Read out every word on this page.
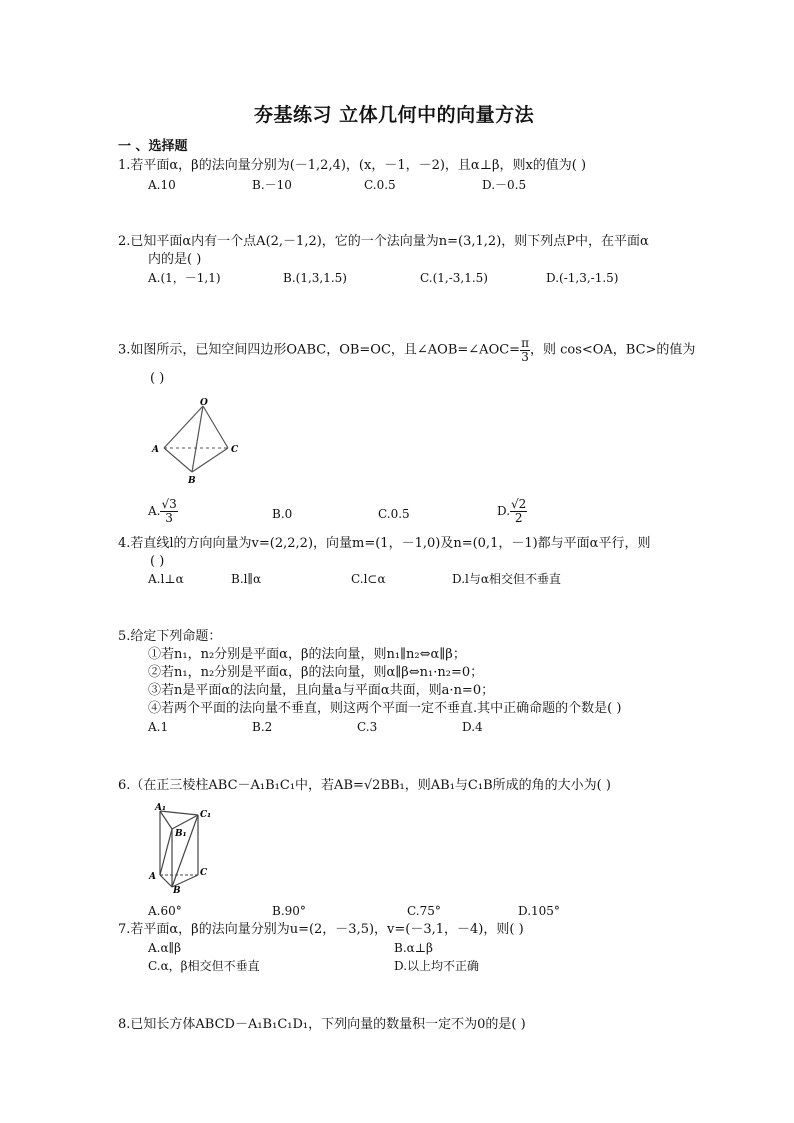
夯基练习 立体几何中的向量方法
一 、选择题
1.若平面α，β的法向量分别为(－1,2,4)，(x，－1，－2)，且α⊥β，则x的值为( )
A.10	B.－10	C.0.5	D.－0.5
2.已知平面α内有一个点A(2,－1,2)，它的一个法向量为n=(3,1,2)，则下列点P中，在平面α
内的是( )
A.(1，－1,1)	B.(1,3,1.5)	C.(1,-3,1.5)	D.(-1,3,-1.5)
3.如图所示，已知空间四边形OABC，OB=OC，且∠AOB=∠AOC= $\frac{\pi}{3}$ ，则 cos<OA，BC>的值为
( )
O
A
B
C
A. $\frac{√3}{3}$	B.0	C.0.5	D. $\frac{√2}{2}$
4.若直线l的方向向量为v=(2,2,2)，向量m=(1，－1,0)及n=(0,1，－1)都与平面α平行，则
( )
A.l⊥α	B.l∥α	C.l⊂α	D.l与α相交但不垂直
5.给定下列命题：
①若n₁，n₂分别是平面α，β的法向量，则n₁∥n₂⇔α∥β；
②若n₁，n₂分别是平面α，β的法向量，则α∥β⇔n₁·n₂=0；
③若n是平面α的法向量，且向量a与平面α共面，则a·n=0；
④若两个平面的法向量不垂直，则这两个平面一定不垂直.其中正确命题的个数是( )
A.1	B.2	C.3	D.4
6.（在正三棱柱ABC－A₁B₁C₁中，若AB=√2BB₁，则AB₁与C₁B所成的角的大小为( )
A₁
C₁
B₁
A	C
B
A.60°	B.90°	C.75°	D.105°
7.若平面α，β的法向量分别为u=(2，－3,5)，v=(－3,1，－4)，则( )
A.α∥β	B.α⊥β
C.α，β相交但不垂直	D.以上均不正确
8.已知长方体ABCD－A₁B₁C₁D₁，下列向量的数量积一定不为0的是( )
